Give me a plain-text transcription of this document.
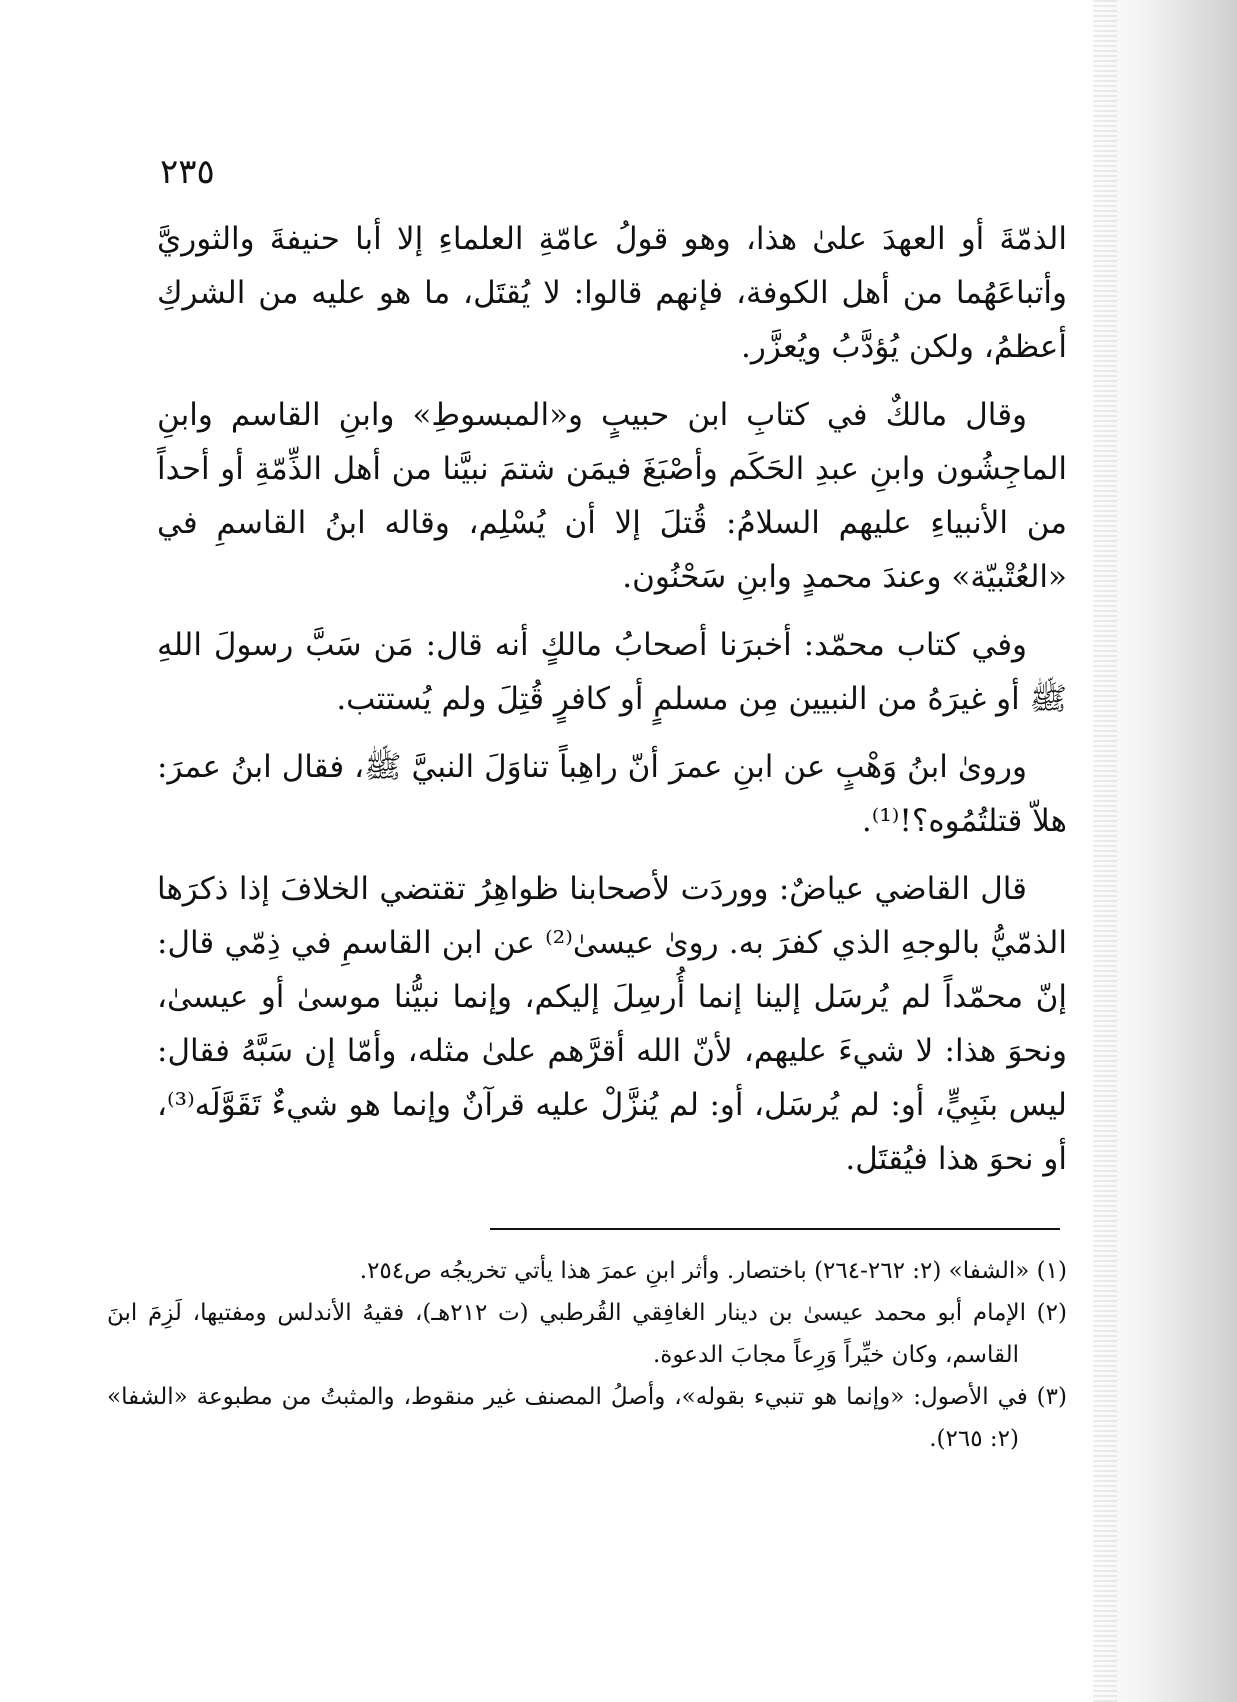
٢٣٥

الذمّةَ أو العهدَ علىٰ هذا، وهو قولُ عامّةِ العلماءِ إلا أبا حنيفةَ والثوريَّ وأتباعَهُما من أهل الكوفة، فإنهم قالوا: لا يُقتَل، ما هو عليه من الشركِ أعظمُ، ولكن يُؤدَّبُ ويُعزَّر.

وقال مالكٌ في كتابِ ابن حبيبٍ و«المبسوطِ» وابنِ القاسم وابنِ الماجِشُون وابنِ عبدِ الحَكَم وأصْبَغَ فيمَن شتمَ نبيَّنا من أهل الذِّمّةِ أو أحداً من الأنبياءِ عليهم السلامُ: قُتلَ إلا أن يُسْلِم، وقاله ابنُ القاسمِ في «العُتْبيّة» وعندَ محمدٍ وابنِ سَحْنُون.

وفي كتاب محمّد: أخبرَنا أصحابُ مالكٍ أنه قال: مَن سَبَّ رسولَ اللهِ ﷺ أو غيرَهُ من النبيين مِن مسلمٍ أو كافرٍ قُتِلَ ولم يُستتب.

وروىٰ ابنُ وَهْبٍ عن ابنِ عمرَ أنّ راهِباً تناوَلَ النبيَّ ﷺ، فقال ابنُ عمرَ: هلاّ قتلتُمُوه؟!⁽¹⁾.

قال القاضي عياضٌ: ووردَت لأصحابنا ظواهِرُ تقتضي الخلافَ إذا ذكرَها الذمّيُّ بالوجهِ الذي كفرَ به. روىٰ عيسىٰ⁽²⁾ عن ابن القاسمِ في ذِمّي قال: إنّ محمّداً لم يُرسَل إلينا إنما أُرسِلَ إليكم، وإنما نبيُّنا موسىٰ أو عيسىٰ، ونحوَ هذا: لا شيءَ عليهم، لأنّ الله أقرَّهم علىٰ مثله، وأمّا إن سَبَّهُ فقال: ليس بنَبِيٍّ، أو: لم يُرسَل، أو: لم يُنزَّلْ عليه قرآنٌ وإنما هو شيءٌ تَقَوَّلَه⁽³⁾، أو نحوَ هذا فيُقتَل.

(١) «الشفا» (٢: ٢٦٢-٢٦٤) باختصار. وأثر ابنِ عمرَ هذا يأتي تخريجُه ص٢٥٤.

(٢) الإمام أبو محمد عيسىٰ بن دينار الغافِقي القُرطبي (ت ٢١٢هـ)، فقيهُ الأندلس ومفتيها، لَزِمَ ابنَ القاسم، وكان خيِّراً وَرِعاً مجابَ الدعوة.

(٣) في الأصول: «وإنما هو تنبيء بقوله»، وأصلُ المصنف غير منقوط، والمثبتُ من مطبوعة «الشفا» (٢: ٢٦٥).
